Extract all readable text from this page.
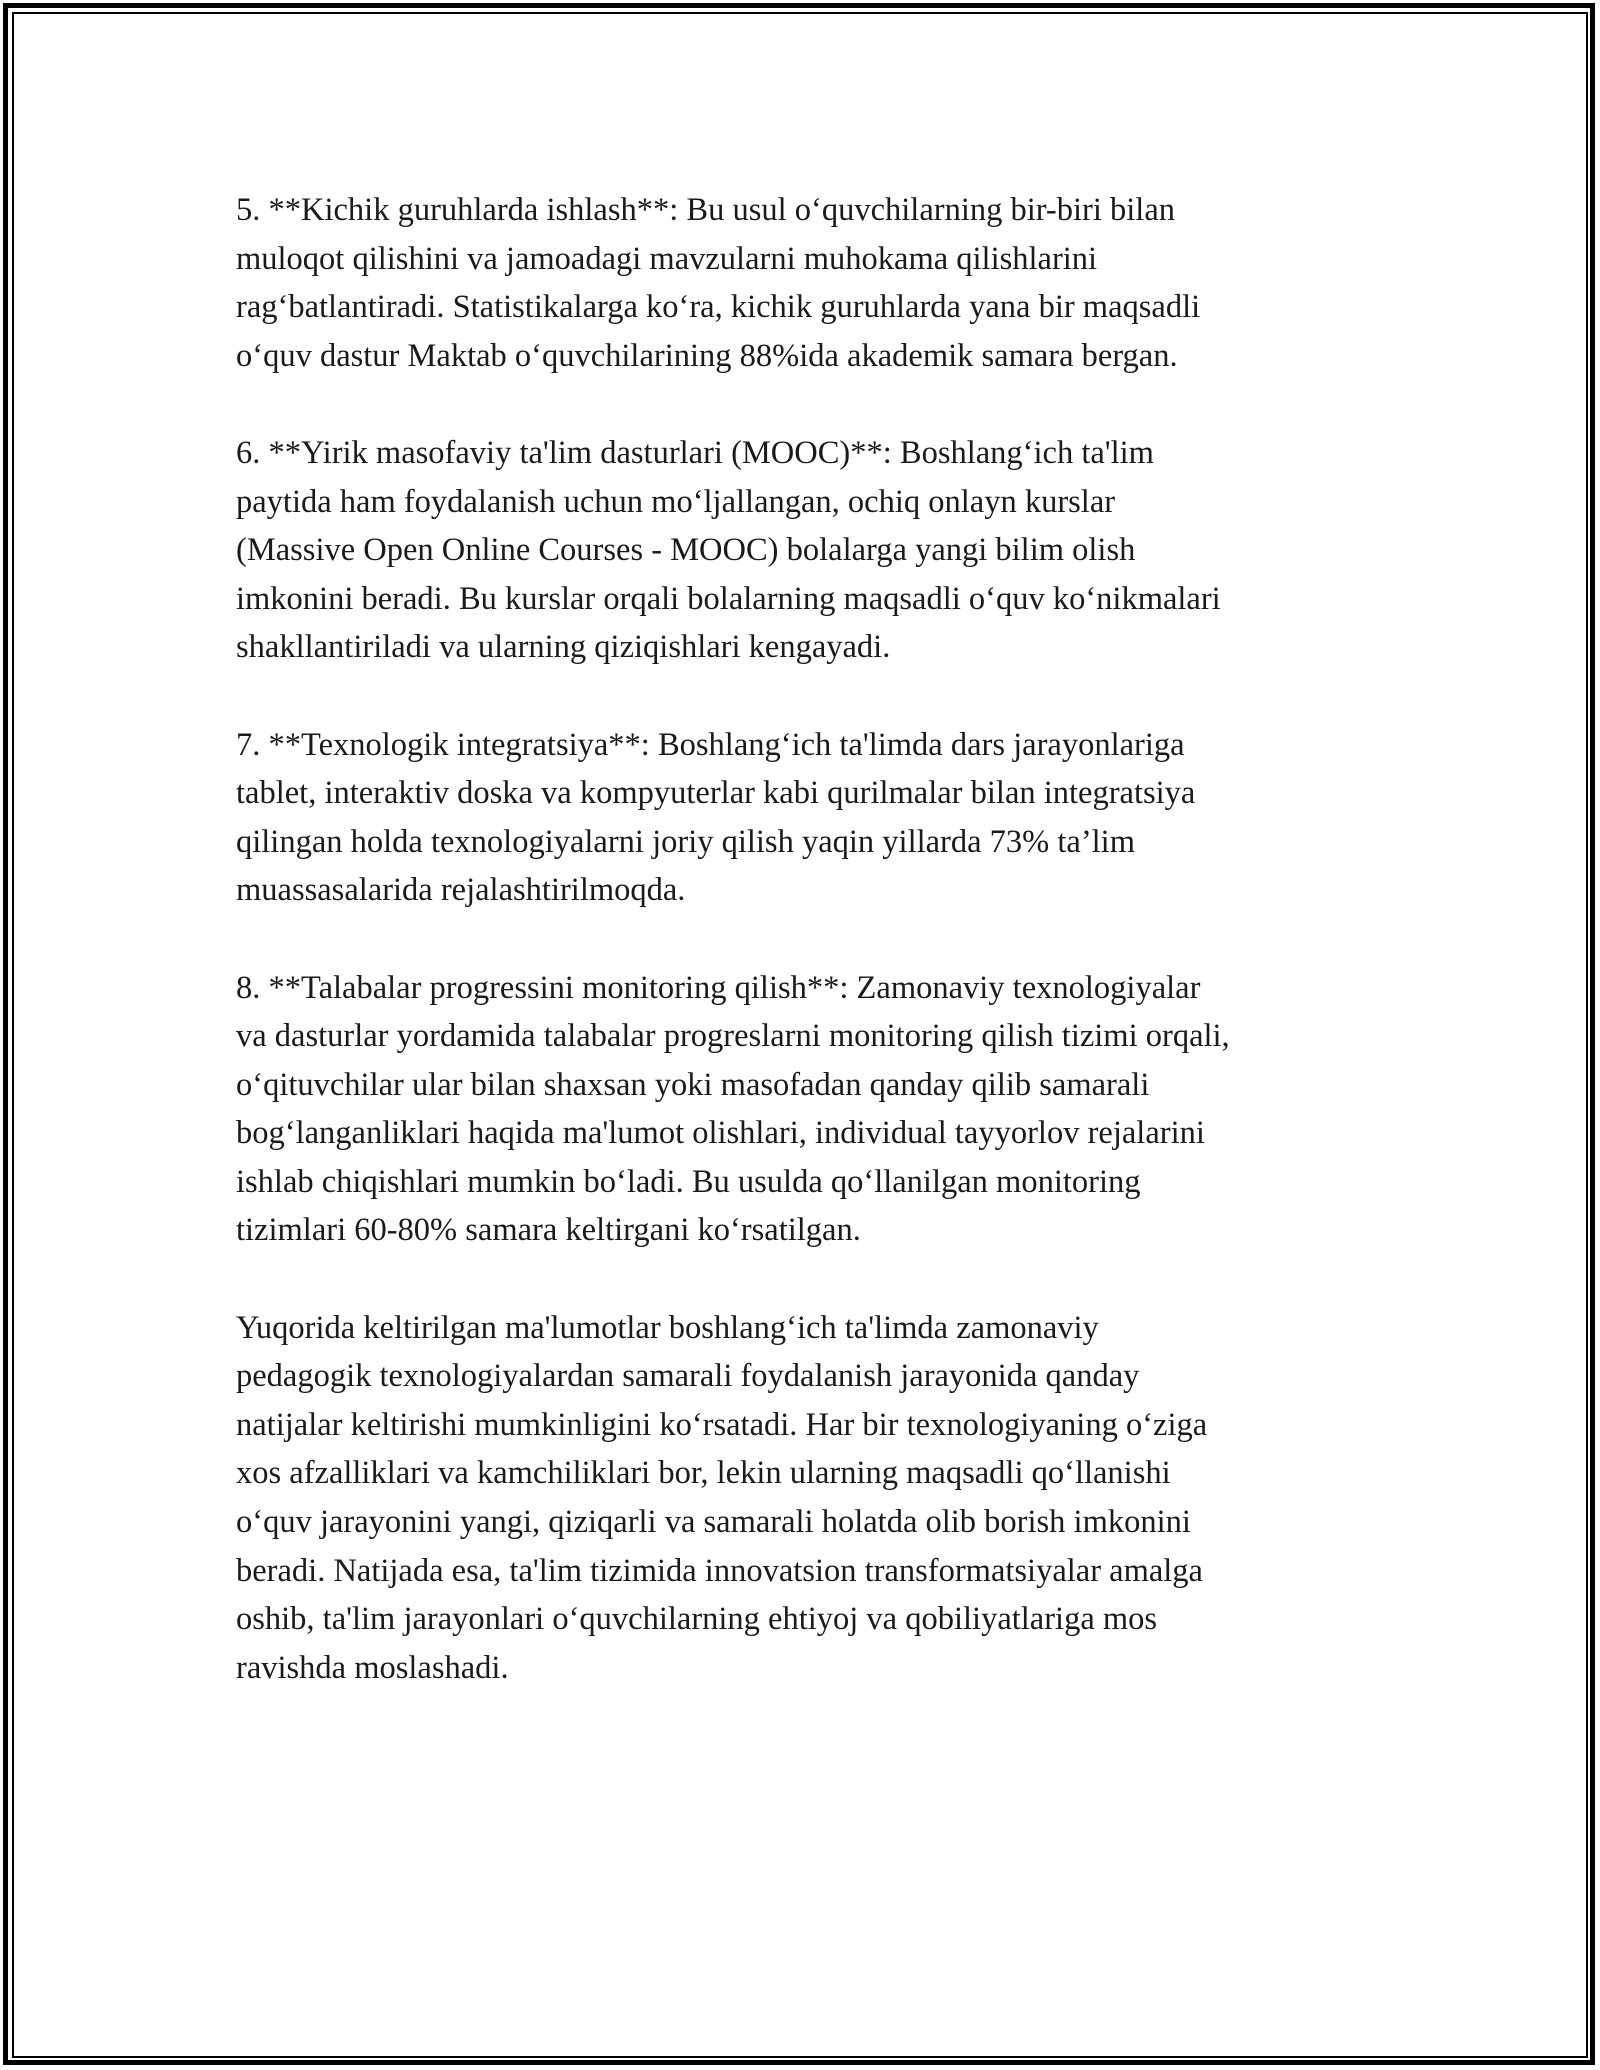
5. **Kichik guruhlarda ishlash**: Bu usul o‘quvchilarning bir-biri bilan
muloqot qilishini va jamoadagi mavzularni muhokama qilishlarini
rag‘batlantiradi. Statistikalarga ko‘ra, kichik guruhlarda yana bir maqsadli
o‘quv dastur Maktab o‘quvchilarining 88%ida akademik samara bergan.
6. **Yirik masofaviy ta'lim dasturlari (MOOC)**: Boshlang‘ich ta'lim
paytida ham foydalanish uchun mo‘ljallangan, ochiq onlayn kurslar
(Massive Open Online Courses - MOOC) bolalarga yangi bilim olish
imkonini beradi. Bu kurslar orqali bolalarning maqsadli o‘quv ko‘nikmalari
shakllantiriladi va ularning qiziqishlari kengayadi.
7. **Texnologik integratsiya**: Boshlang‘ich ta'limda dars jarayonlariga
tablet, interaktiv doska va kompyuterlar kabi qurilmalar bilan integratsiya
qilingan holda texnologiyalarni joriy qilish yaqin yillarda 73% ta’lim
muassasalarida rejalashtirilmoqda.
8. **Talabalar progressini monitoring qilish**: Zamonaviy texnologiyalar
va dasturlar yordamida talabalar progreslarni monitoring qilish tizimi orqali,
o‘qituvchilar ular bilan shaxsan yoki masofadan qanday qilib samarali
bog‘langanliklari haqida ma'lumot olishlari, individual tayyorlov rejalarini
ishlab chiqishlari mumkin bo‘ladi. Bu usulda qo‘llanilgan monitoring
tizimlari 60-80% samara keltirgani ko‘rsatilgan.
Yuqorida keltirilgan ma'lumotlar boshlang‘ich ta'limda zamonaviy
pedagogik texnologiyalardan samarali foydalanish jarayonida qanday
natijalar keltirishi mumkinligini ko‘rsatadi. Har bir texnologiyaning o‘ziga
xos afzalliklari va kamchiliklari bor, lekin ularning maqsadli qo‘llanishi
o‘quv jarayonini yangi, qiziqarli va samarali holatda olib borish imkonini
beradi. Natijada esa, ta'lim tizimida innovatsion transformatsiyalar amalga
oshib, ta'lim jarayonlari o‘quvchilarning ehtiyoj va qobiliyatlariga mos
ravishda moslashadi.
